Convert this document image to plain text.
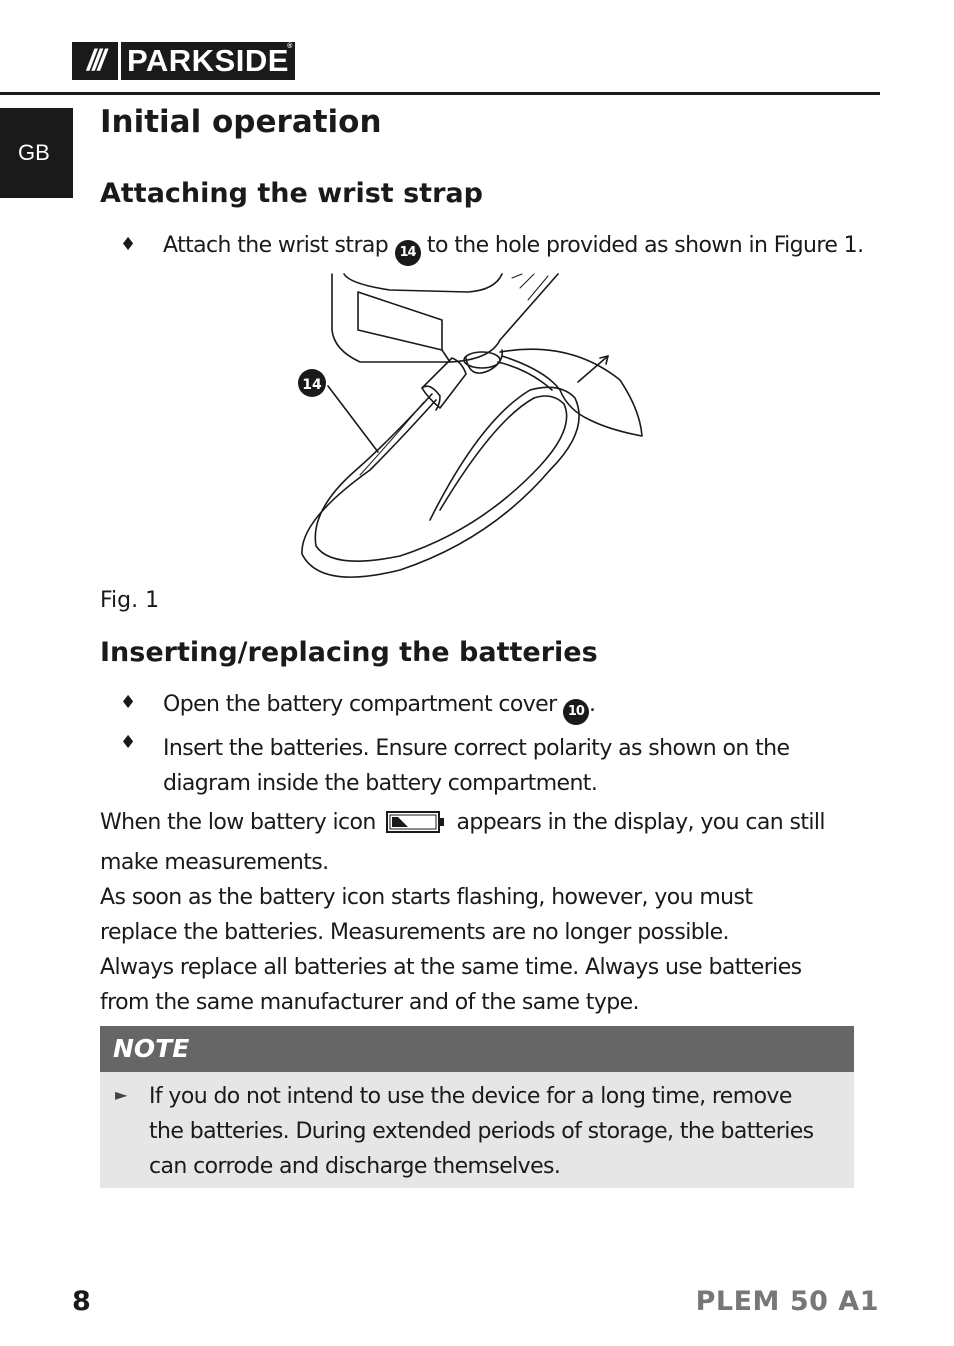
/// PARKSIDE
®
GB
Initial operation
Attaching the wrist strap
♦ Attach the wrist strap 14 to the hole provided as shown in Figure 1.
14
Fig. 1
Inserting/replacing the batteries
♦ Open the battery compartment cover 10 .
♦ Insert the batteries. Ensure correct polarity as shown on the
diagram inside the battery compartment.
When the low battery icon	appears in the display, you can still
make measurements.
As soon as the battery icon starts flashing, however, you must
replace the batteries. Measurements are no longer possible.
Always replace all batteries at the same time. Always use batteries
from the same manufacturer and of the same type.
NOTE
► If you do not intend to use the device for a long time, remove
the batteries. During extended periods of storage, the batteries
can corrode and discharge themselves.
8	PLEM 50 A1
